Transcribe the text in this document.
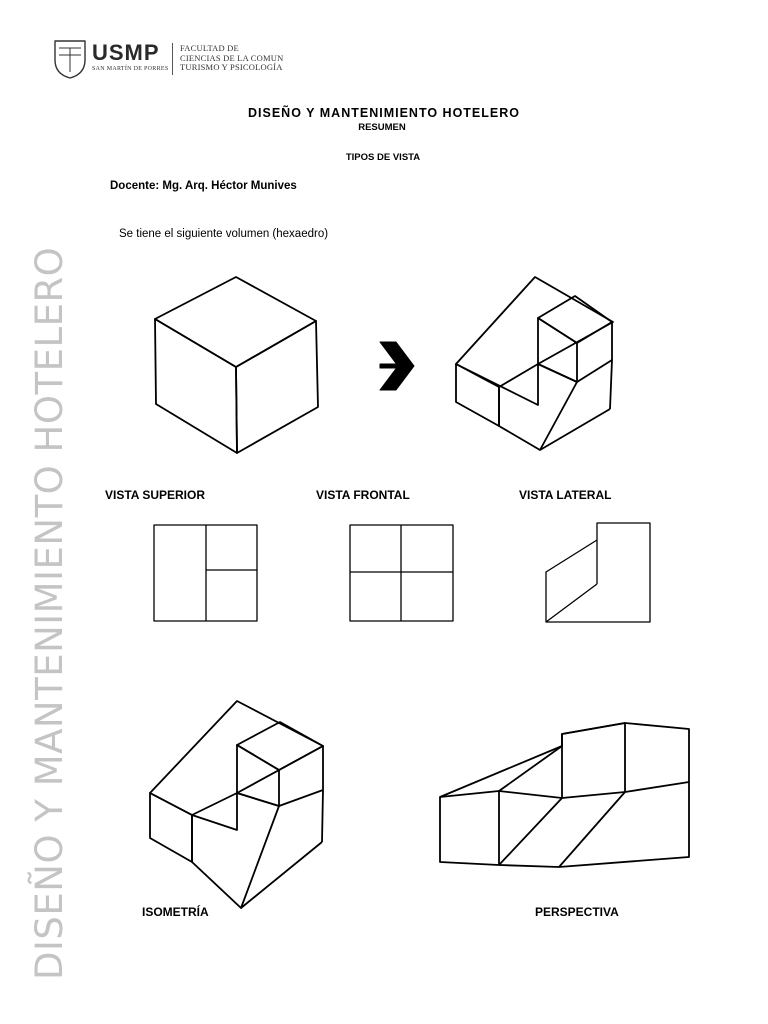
USMP
SAN MARTÍN DE PORRES
FACULTAD DE
CIENCIAS DE LA COMUN
TURISMO Y PSICOLOGÍA
DISEÑO Y MANTENIMIENTO HOTELERO
RESUMEN
TIPOS DE VISTA
Docente: Mg. Arq. Héctor Munives
Se tiene el siguiente volumen (hexaedro)
VISTA SUPERIOR	VISTA FRONTAL	VISTA LATERAL
ISOMETRÍA	PERSPECTIVA
DISEÑO Y MANTENIMIENTO HOTELERO
